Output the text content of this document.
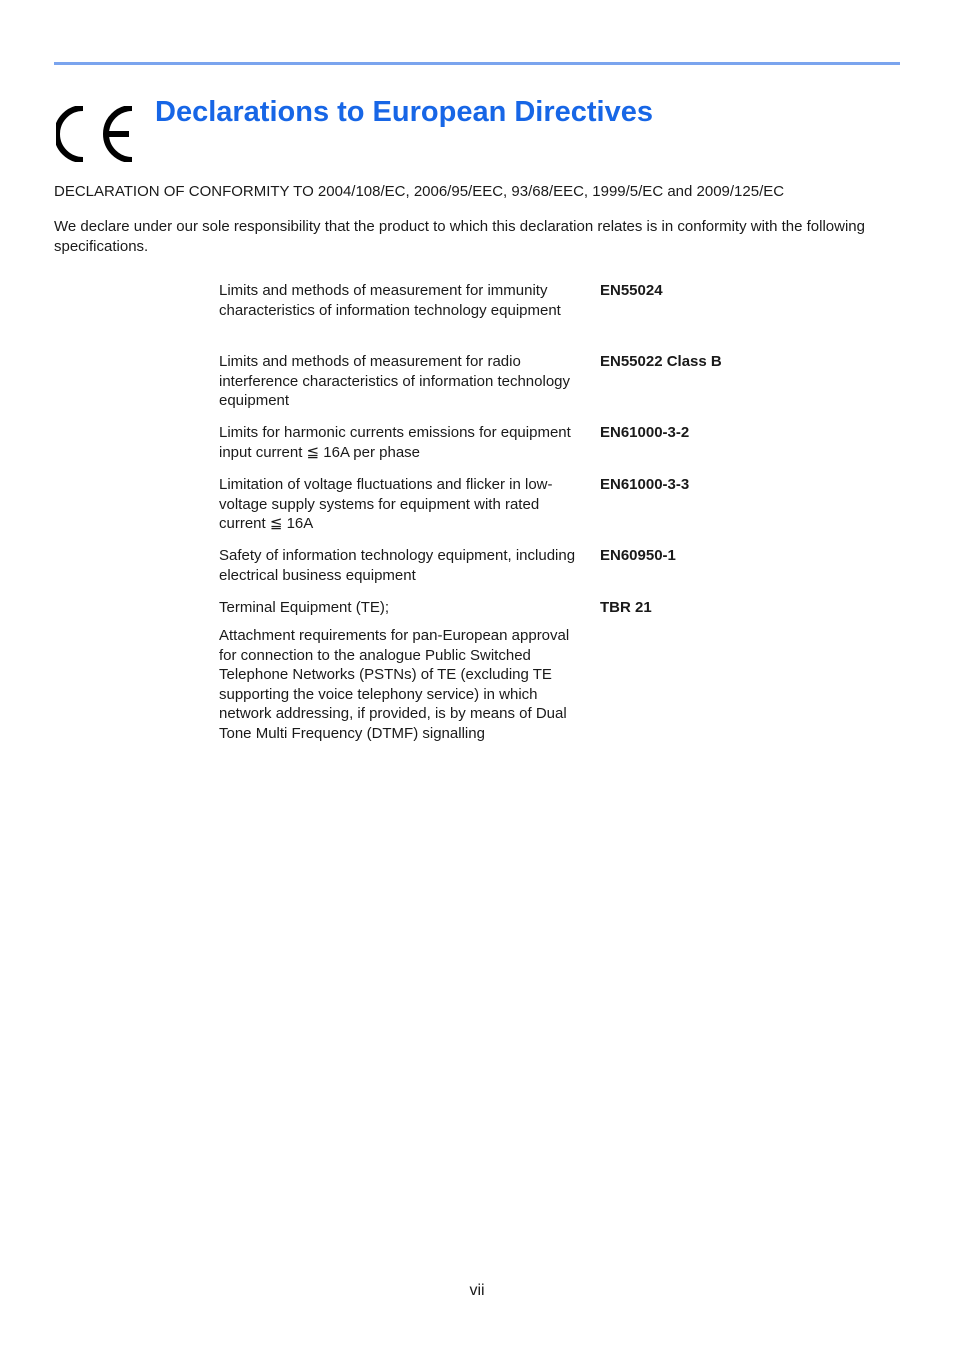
Declarations to European Directives

DECLARATION OF CONFORMITY TO 2004/108/EC, 2006/95/EEC, 93/68/EEC, 1999/5/EC and 2009/125/EC

We declare under our sole responsibility that the product to which this declaration relates is in conformity with the following specifications.

Limits and methods of measurement for immunity characteristics of information technology equipment

EN55024

Limits and methods of measurement for radio interference characteristics of information technology equipment

EN55022 Class B

Limits for harmonic currents emissions for equipment input current ≦ 16A per phase

EN61000-3-2

Limitation of voltage fluctuations and flicker in low-voltage supply systems for equipment with rated current ≦ 16A

EN61000-3-3

Safety of information technology equipment, including electrical business equipment

EN60950-1

Terminal Equipment (TE);	TBR 21

Attachment requirements for pan-European approval for connection to the analogue Public Switched Telephone Networks (PSTNs) of TE (excluding TE supporting the voice telephony service) in which network addressing, if provided, is by means of Dual Tone Multi Frequency (DTMF) signalling

vii
